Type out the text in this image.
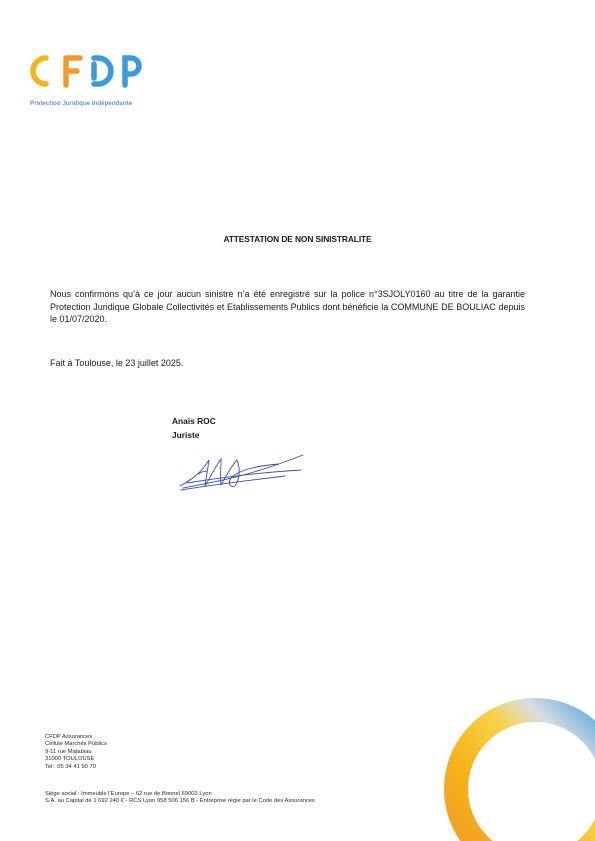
Protection Juridique Indépendante
ATTESTATION DE NON SINISTRALITE
Nous confirmons qu’à ce jour aucun sinistre n’a été enregistré sur la police n°3SJOLY0160 au titre de la garantie Protection Juridique Globale Collectivités et Etablissements Publics dont bénéficie la COMMUNE DE BOULIAC depuis le 01/07/2020.
Fait à Toulouse, le 23 juillet 2025.
Anaïs ROC
Juriste
CFDP Assurances
Cellule Marchés Publics
9-11 rue Matabiau
31000 TOULOUSE
Tel : 05 34 41 90 70
Siège social : Immeuble l’Europe – 62 rue de Bonnel 69003 Lyon
S.A. au Capital de 1 692 240 € - RCS Lyon 958 506 156 B - Entreprise régie par le Code des Assurances
